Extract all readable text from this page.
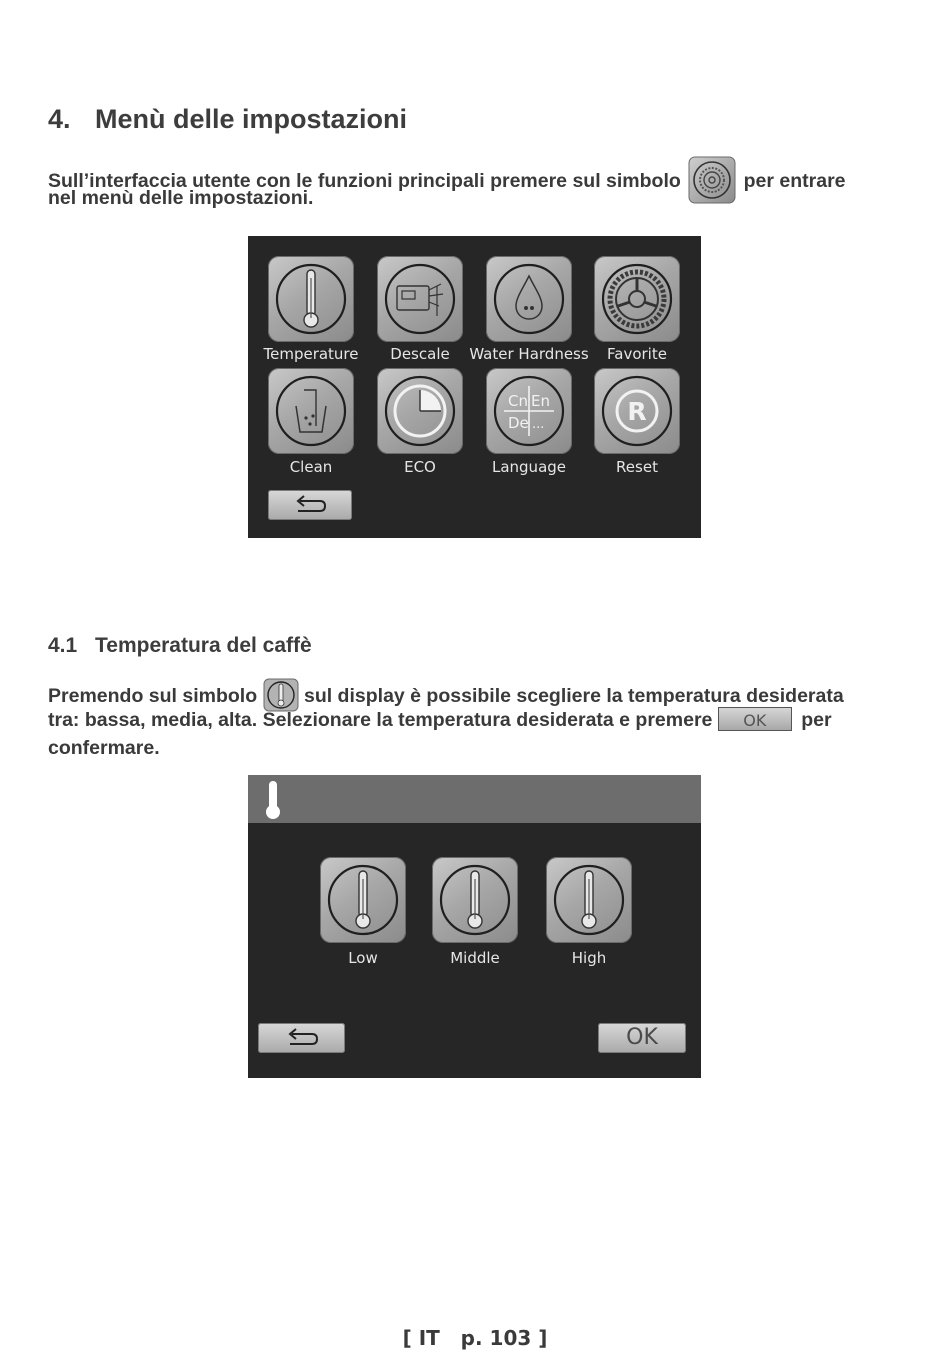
4. Menù delle impostazioni
Sull’interfaccia utente con le funzioni principali premere sul simbolo	per entrare
nel menù delle impostazioni.
Temperature	Descale	Water Hardness	Favorite
Clean	ECO
Cn En
De ...
Language
R
Reset
4.1 Temperatura del caffè
Premendo sul simbolo sul display è possibile scegliere la temperatura desiderata
tra: bassa, media, alta. Selezionare la temperatura desiderata e premere OK per
confermare.
Low	Middle	High
OK
[ IT   p. 103 ]
